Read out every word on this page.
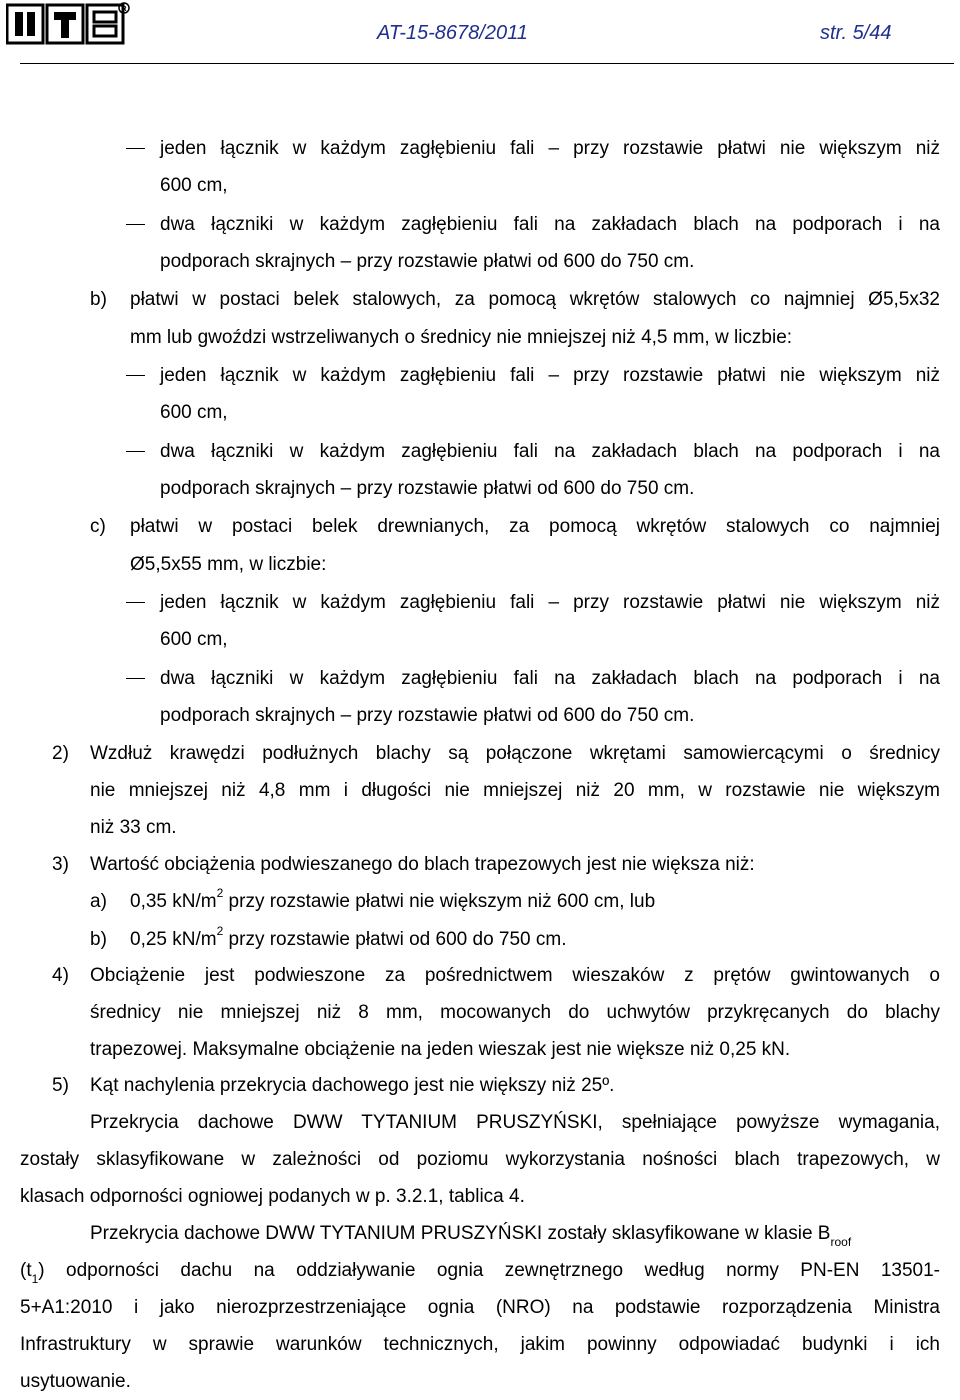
R
AT-15-8678/2011	str. 5/44
jeden łącznik w każdym zagłębieniu fali ‒ przy rozstawie płatwi nie większym niż
600 cm,
dwa łączniki w każdym zagłębieniu fali na zakładach blach na podporach i na
podporach skrajnych ‒ przy rozstawie płatwi od 600 do 750 cm.
b) płatwi w postaci belek stalowych, za pomocą wkrętów stalowych co najmniej Ø5,5x32
mm lub gwoździ wstrzeliwanych o średnicy nie mniejszej niż 4,5 mm, w liczbie:
jeden łącznik w każdym zagłębieniu fali ‒ przy rozstawie płatwi nie większym niż
600 cm,
dwa łączniki w każdym zagłębieniu fali na zakładach blach na podporach i na
podporach skrajnych ‒ przy rozstawie płatwi od 600 do 750 cm.
c) płatwi w postaci belek drewnianych, za pomocą wkrętów stalowych co najmniej
Ø5,5x55 mm, w liczbie:
jeden łącznik w każdym zagłębieniu fali ‒ przy rozstawie płatwi nie większym niż
600 cm,
dwa łączniki w każdym zagłębieniu fali na zakładach blach na podporach i na
podporach skrajnych ‒ przy rozstawie płatwi od 600 do 750 cm.
2) Wzdłuż krawędzi podłużnych blachy są połączone wkrętami samowiercącymi o średnicy
nie mniejszej niż 4,8 mm i długości nie mniejszej niż 20 mm, w rozstawie nie większym
niż 33 cm.
3) Wartość obciążenia podwieszanego do blach trapezowych jest nie większa niż:
a) 0,35 $kN/m^2$ przy rozstawie płatwi nie większym niż 600 cm, lub
b) 0,25 $kN/m^2$ przy rozstawie płatwi od 600 do 750 cm.
4) Obciążenie jest podwieszone za pośrednictwem wieszaków z prętów gwintowanych o
średnicy nie mniejszej niż 8 mm, mocowanych do uchwytów przykręcanych do blachy
trapezowej. Maksymalne obciążenie na jeden wieszak jest nie większe niż 0,25 kN.
5) Kąt nachylenia przekrycia dachowego jest nie większy niż 25º.
Przekrycia dachowe DWW TYTANIUM PRUSZYŃSKI, spełniające powyższe wymagania,
zostały sklasyfikowane w zależności od poziomu wykorzystania nośności blach trapezowych, w
klasach odporności ogniowej podanych w p. 3.2.1, tablica 4.
Przekrycia dachowe DWW TYTANIUM PRUSZYŃSKI zostały sklasyfikowane w klasie $B_{roof}$
$(t_1)$ odporności dachu na oddziaływanie ognia zewnętrznego według normy PN-EN 13501-
5+A1:2010 i jako nierozprzestrzeniające ognia (NRO) na podstawie rozporządzenia Ministra
Infrastruktury w sprawie warunków technicznych, jakim powinny odpowiadać budynki i ich
usytuowanie.
